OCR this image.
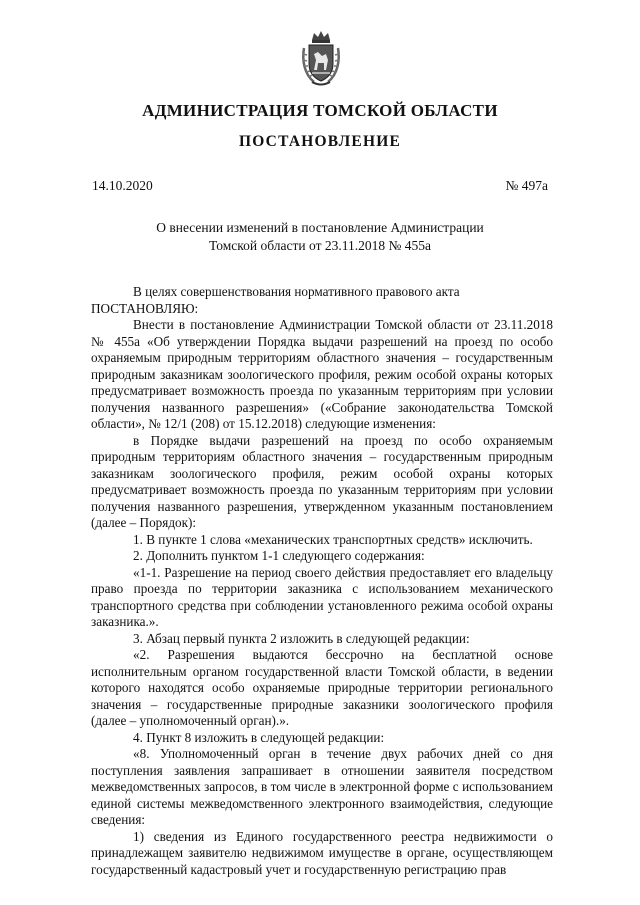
АДМИНИСТРАЦИЯ ТОМСКОЙ ОБЛАСТИ
ПОСТАНОВЛЕНИЕ
14.10.2020	№ 497а
О внесении изменений в постановление Администрации
Томской области от 23.11.2018 № 455а

В целях совершенствования нормативного правового акта

ПОСТАНОВЛЯЮ:

Внести в постановление Администрации Томской области от 23.11.2018 № 455а «Об утверждении Порядка выдачи разрешений на проезд по особо охраняемым природным территориям областного значения – государственным природным заказникам зоологического профиля, режим особой охраны которых предусматривает возможность проезда по указанным территориям при условии получения названного разрешения» («Собрание законодательства Томской области», № 12/1 (208) от 15.12.2018) следующие изменения:

в Порядке выдачи разрешений на проезд по особо охраняемым природным территориям областного значения – государственным природным заказникам зоологического профиля, режим особой охраны которых предусматривает возможность проезда по указанным территориям при условии получения названного разрешения, утвержденном указанным постановлением (далее – Порядок):

1. В пункте 1 слова «механических транспортных средств» исключить.

2. Дополнить пунктом 1-1 следующего содержания:

«1-1. Разрешение на период своего действия предоставляет его владельцу право проезда по территории заказника с использованием механического транспортного средства при соблюдении установленного режима особой охраны заказника.».

3. Абзац первый пункта 2 изложить в следующей редакции:

«2. Разрешения выдаются бессрочно на бесплатной основе исполнительным органом государственной власти Томской области, в ведении которого находятся особо охраняемые природные территории регионального значения – государственные природные заказники зоологического профиля (далее – уполномоченный орган).».

4. Пункт 8 изложить в следующей редакции:

«8. Уполномоченный орган в течение двух рабочих дней со дня поступления заявления запрашивает в отношении заявителя посредством межведомственных запросов, в том числе в электронной форме с использованием единой системы межведомственного электронного взаимодействия, следующие сведения:

1) сведения из Единого государственного реестра недвижимости о принадлежащем заявителю недвижимом имуществе в органе, осуществляющем государственный кадастровый учет и государственную регистрацию прав
